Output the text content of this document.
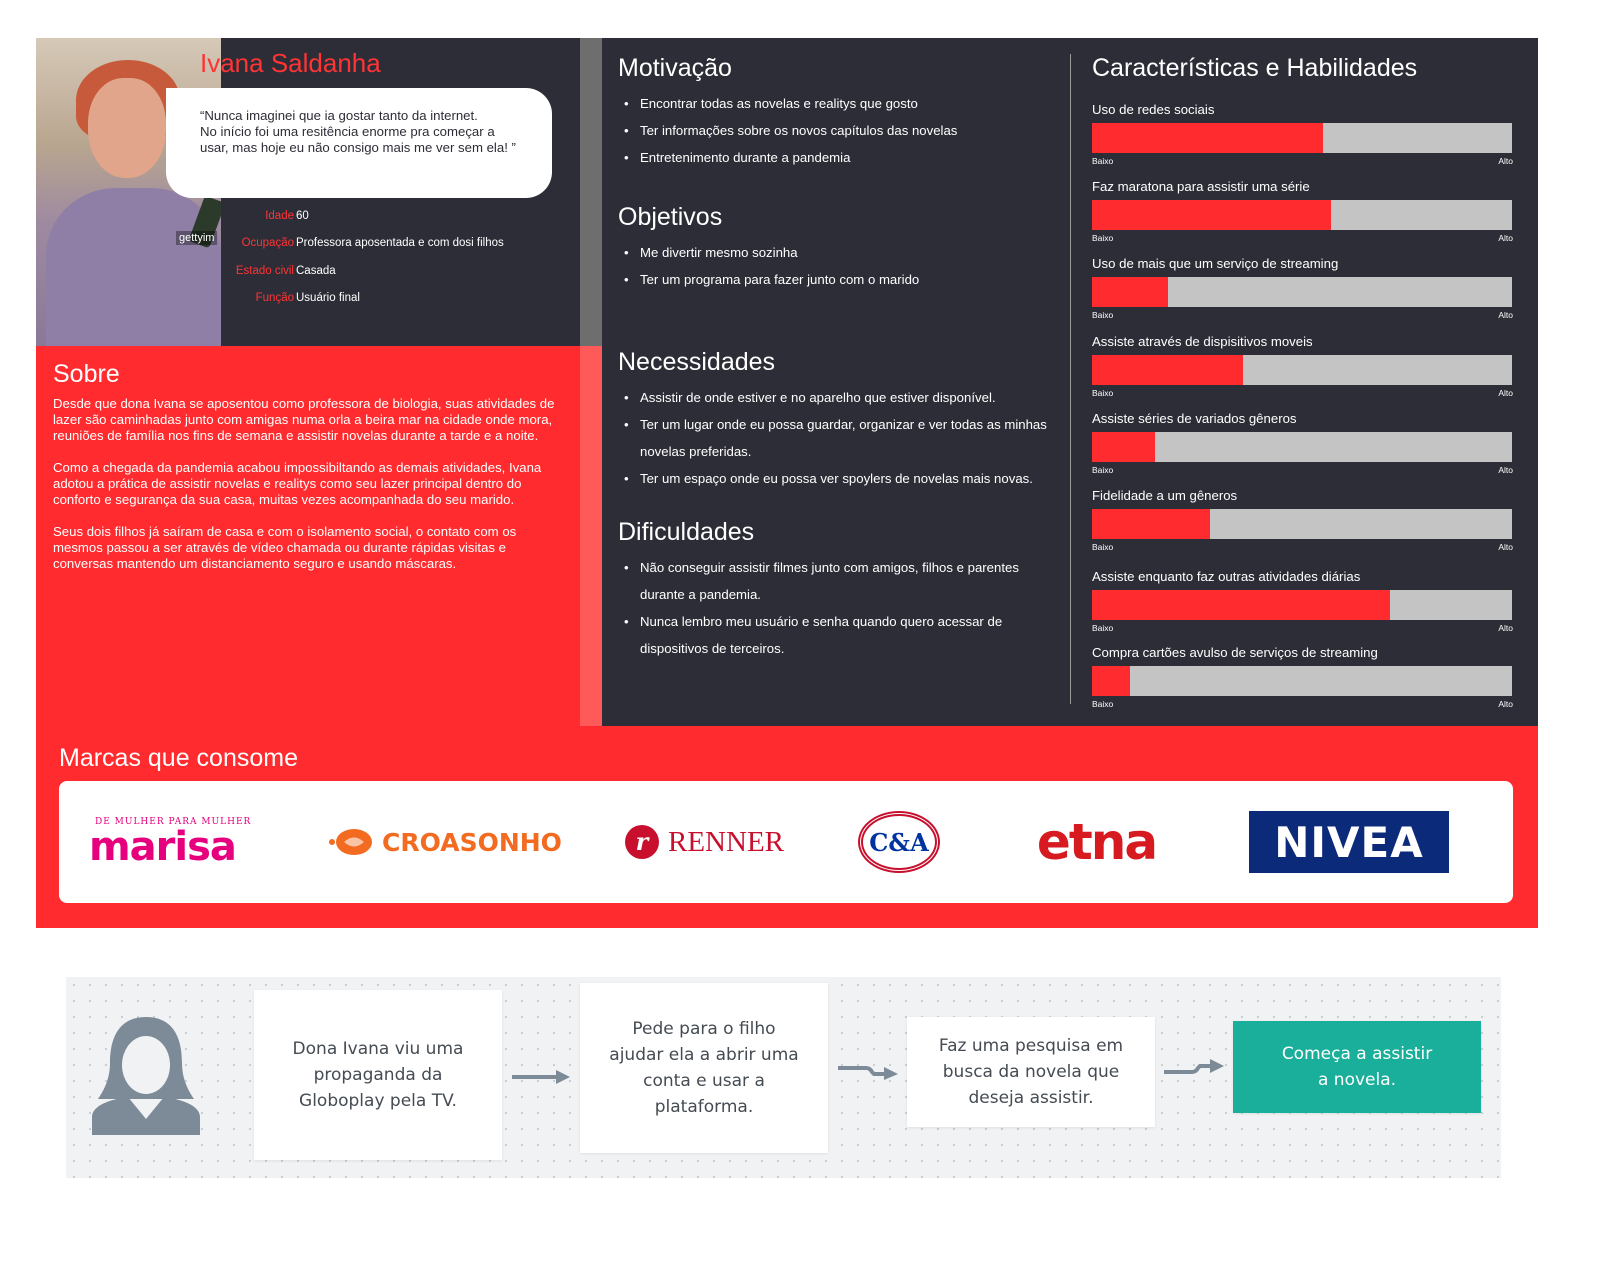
gettyim
Ivana Saldanha
“Nunca imaginei que ia gostar tanto da internet.
No início foi uma resitência enorme pra começar a
usar, mas hoje eu não consigo mais me ver sem ela! ”
Idade 60
Ocupação Professora aposentada e com dosi filhos
Estado civil Casada
Função Usuário final
Sobre

Desde que dona Ivana se aposentou como professora de biologia, suas atividades de lazer são caminhadas junto com amigas numa orla a beira mar na cidade onde mora, reuniões de família nos fins de semana e assistir novelas durante a tarde e a noite.

Como a chegada da pandemia acabou impossibiltando as demais atividades, Ivana adotou a prática de assistir novelas e realitys como seu lazer principal dentro do conforto e segurança da sua casa, muitas vezes acompanhada do seu marido.

Seus dois filhos já saíram de casa e com o isolamento social, o contato com os mesmos passou a ser através de vídeo chamada ou durante rápidas visitas e conversas mantendo um distanciamento seguro e usando máscaras.

Motivação
• Encontrar todas as novelas e realitys que gosto
• Ter informações sobre os novos capítulos das novelas
• Entretenimento durante a pandemia
Objetivos
• Me divertir mesmo sozinha
• Ter um programa para fazer junto com o marido
Necessidades
• Assistir de onde estiver e no aparelho que estiver disponível.
• Ter um lugar onde eu possa guardar, organizar e ver todas as minhas novelas preferidas.
• Ter um espaço onde eu possa ver spoylers de novelas mais novas.
Dificuldades
• Não conseguir assistir filmes junto com amigos, filhos e parentes durante a pandemia.
• Nunca lembro meu usuário e senha quando quero acessar de dispositivos de terceiros.
Características e Habilidades
Uso de redes sociais
Baixo	Alto
Faz maratona para assistir uma série
Baixo	Alto
Uso de mais que um serviço de streaming
Baixo	Alto
Assiste através de dispisitivos moveis
Baixo	Alto
Assiste séries de variados gêneros
Baixo	Alto
Fidelidade a um gêneros
Baixo	Alto
Assiste enquanto faz outras atividades diárias
Baixo	Alto
Compra cartões avulso de serviços de streaming
Baixo	Alto
Marcas que consome
DE MULHER PARA MULHER
marisa	CROASONHO	r RENNER	C&A etna	NIVEA
Dona Ivana viu uma
propaganda da
Globoplay pela TV.
Pede para o filho
ajudar ela a abrir uma
conta e usar a
plataforma.
Faz uma pesquisa em
busca da novela que
deseja assistir.
Começa a assistir
a novela.
